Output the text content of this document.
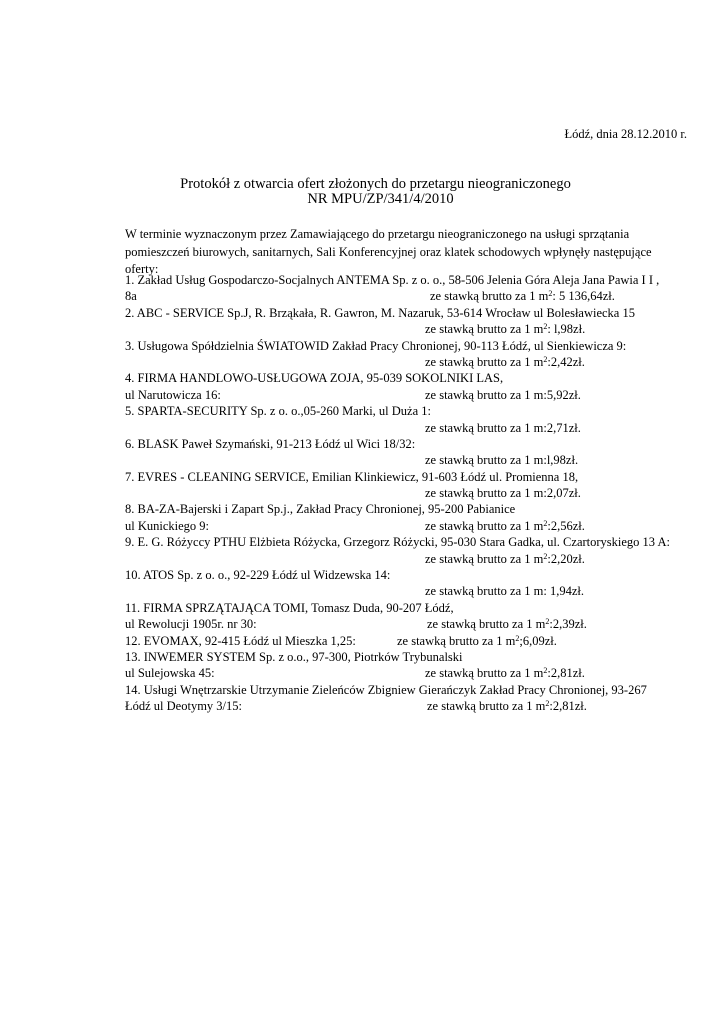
Łódź, dnia 28.12.2010 r.
Protokół z otwarcia ofert złożonych do przetargu nieograniczonego
NR MPU/ZP/341/4/2010
W terminie wyznaczonym przez Zamawiającego do przetargu nieograniczonego na usługi sprzątania pomieszczeń biurowych, sanitarnych, Sali Konferencyjnej oraz klatek schodowych wpłynęły następujące oferty:
1. Zakład Usług Gospodarczo-Socjalnych ANTEMA Sp. z o. o., 58-506 Jelenia Góra Aleja Jana Pawia I I ,
8a	ze stawką brutto za 1 $m^2$: 5 136,64zł.
2. ABC - SERVICE Sp.J, R. Brząkała, R. Gawron, M. Nazaruk, 53-614 Wrocław ul Bolesławiecka 15
ze stawką brutto za 1 $m^2$: l,98zł.
3. Usługowa Spółdzielnia ŚWIATOWID Zakład Pracy Chronionej, 90-113 Łódź, ul Sienkiewicza 9:
ze stawką brutto za 1 $m^2:2,42zł$.
4. FIRMA HANDLOWO-USŁUGOWA ZOJA, 95-039 SOKOLNIKI LAS,
ul Narutowicza 16:	ze stawką brutto za 1 m:5,92zł.
5. SPARTA-SECURITY Sp. z o. o.,05-260 Marki, ul Duża 1:
ze stawką brutto za 1 m:2,71zł.
6. BLASK Paweł Szymański, 91-213 Łódź ul Wici 18/32:
ze stawką brutto za 1 m:l,98zł.
7. EVRES - CLEANING SERVICE, Emilian Klinkiewicz, 91-603 Łódź ul. Promienna 18,
ze stawką brutto za 1 m:2,07zł.
8. BA-ZA-Bajerski i Zapart Sp.j., Zakład Pracy Chronionej, 95-200 Pabianice
ul Kunickiego 9:	ze stawką brutto za 1 $m^2:2,56zł$.
9. E. G. Różyccy PTHU Elżbieta Różycka, Grzegorz Różycki, 95-030 Stara Gadka, ul. Czartoryskiego 13 A:
ze stawką brutto za 1 $m^2:2,20zł$.
10. ATOS Sp. z o. o., 92-229 Łódź ul Widzewska 14:
ze stawką brutto za 1 m: 1,94zł.
11. FIRMA SPRZĄTAJĄCA TOMI, Tomasz Duda, 90-207 Łódź,
ul Rewolucji 1905r. nr 30:	ze stawką brutto za 1 $m^2:2,39zł$.
12. EVOMAX, 92-415 Łódź ul Mieszka 1,25:	ze stawką brutto za 1 $m^2;6,09zł$.
13. INWEMER SYSTEM Sp. z o.o., 97-300, Piotrków Trybunalski
ul Sulejowska 45:	ze stawką brutto za 1 $m^2:2,81zł$.
14. Usługi Wnętrzarskie Utrzymanie Zieleńców Zbigniew Gierańczyk Zakład Pracy Chronionej, 93-267
Łódź ul Deotymy 3/15:	ze stawką brutto za 1 $m^2:2,81zł$.
